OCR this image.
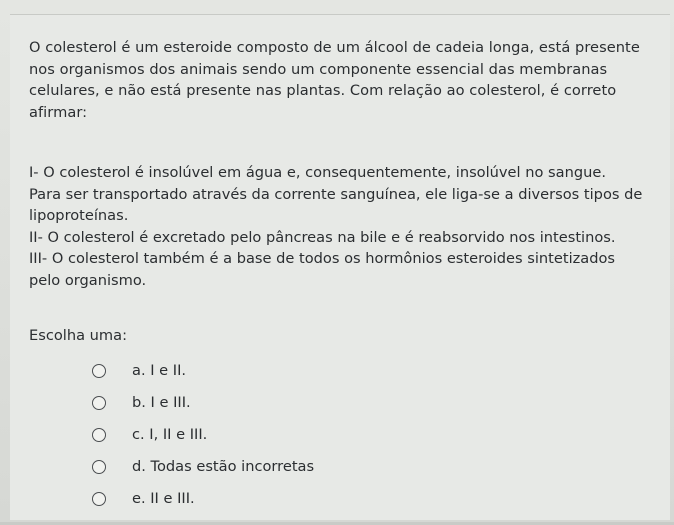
O colesterol é um esteroide composto de um álcool de cadeia longa, está presente
nos organismos dos animais sendo um componente essencial das membranas
celulares, e não está presente nas plantas. Com relação ao colesterol, é correto
afirmar:

I- O colesterol é insolúvel em água e, consequentemente, insolúvel no sangue.
Para ser transportado através da corrente sanguínea, ele liga-se a diversos tipos de
lipoproteínas.
II- O colesterol é excretado pelo pâncreas na bile e é reabsorvido nos intestinos.
III- O colesterol também é a base de todos os hormônios esteroides sintetizados
pelo organismo.

Escolha uma:

a. I e II.
b. I e III.
c. I, II e III.
d. Todas estão incorretas
e. II e III.
